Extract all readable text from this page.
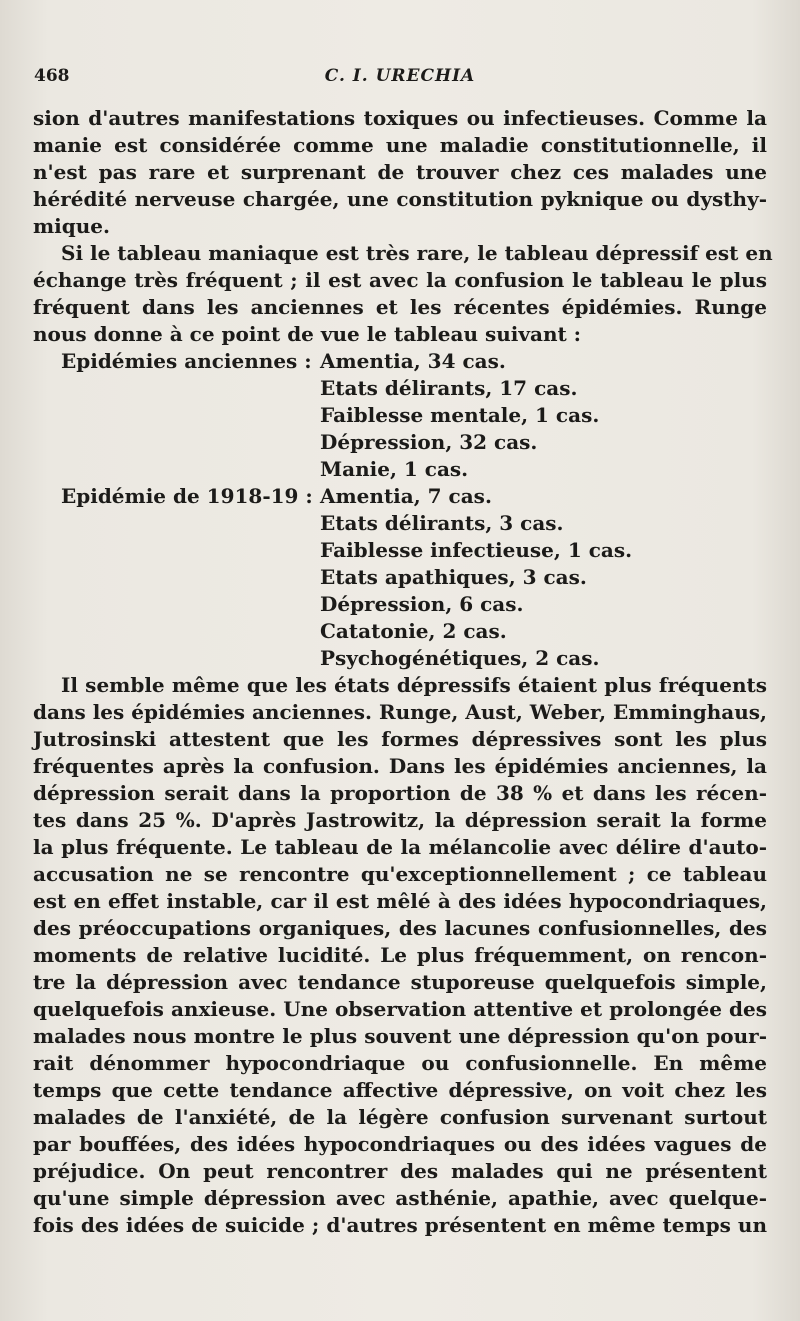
468	C. I. URECHIA
sion d'autres manifestations toxiques ou infectieuses. Comme la
manie est considérée comme une maladie constitutionnelle, il
n'est pas rare et surprenant de trouver chez ces malades une
hérédité nerveuse chargée, une constitution pyknique ou dysthy-
mique.
Si le tableau maniaque est très rare, le tableau dépressif est en
échange très fréquent ; il est avec la confusion le tableau le plus
fréquent dans les anciennes et les récentes épidémies. Runge
nous donne à ce point de vue le tableau suivant :
Epidémies anciennes : Amentia, 34 cas.
Etats délirants, 17 cas.
Faiblesse mentale, 1 cas.
Dépression, 32 cas.
Manie, 1 cas.
Epidémie de 1918-19 : Amentia, 7 cas.
Etats délirants, 3 cas.
Faiblesse infectieuse, 1 cas.
Etats apathiques, 3 cas.
Dépression, 6 cas.
Catatonie, 2 cas.
Psychogénétiques, 2 cas.
Il semble même que les états dépressifs étaient plus fréquents
dans les épidémies anciennes. Runge, Aust, Weber, Emminghaus,
Jutrosinski attestent que les formes dépressives sont les plus
fréquentes après la confusion. Dans les épidémies anciennes, la
dépression serait dans la proportion de 38 % et dans les récen-
tes dans 25 %. D'après Jastrowitz, la dépression serait la forme
la plus fréquente. Le tableau de la mélancolie avec délire d'auto-
accusation ne se rencontre qu'exceptionnellement ; ce tableau
est en effet instable, car il est mêlé à des idées hypocondriaques,
des préoccupations organiques, des lacunes confusionnelles, des
moments de relative lucidité. Le plus fréquemment, on rencon-
tre la dépression avec tendance stuporeuse quelquefois simple,
quelquefois anxieuse. Une observation attentive et prolongée des
malades nous montre le plus souvent une dépression qu'on pour-
rait dénommer hypocondriaque ou confusionnelle. En même
temps que cette tendance affective dépressive, on voit chez les
malades de l'anxiété, de la légère confusion survenant surtout
par bouffées, des idées hypocondriaques ou des idées vagues de
préjudice. On peut rencontrer des malades qui ne présentent
qu'une simple dépression avec asthénie, apathie, avec quelque-
fois des idées de suicide ; d'autres présentent en même temps un
